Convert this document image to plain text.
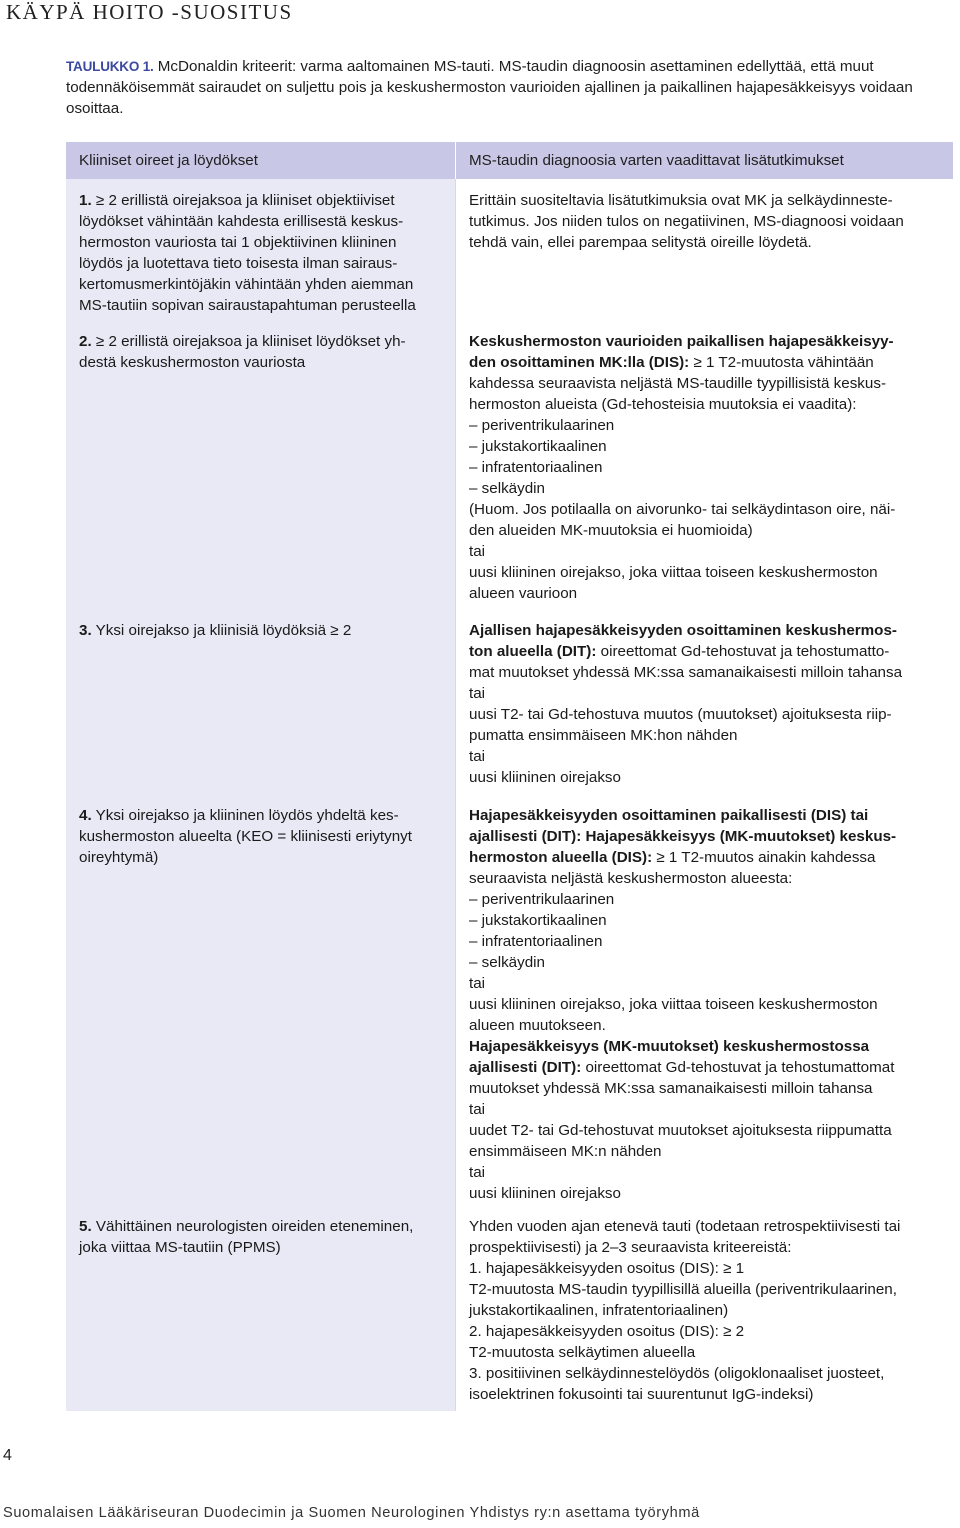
KÄYPÄ HOITO -SUOSITUS
TAULUKKO 1. McDonaldin kriteerit: varma aaltomainen MS-tauti. MS-taudin diagnoosin asettaminen edellyttää, että muut todennäköisemmät sairaudet on suljettu pois ja keskushermoston vaurioiden ajallinen ja paikallinen hajapesäkkeisyys voidaan osoittaa.
Kliiniset oireet ja löydökset	MS-taudin diagnoosia varten vaadittavat lisätutkimukset
1. ≥ 2 erillistä oirejaksoa ja kliiniset objektiiviset
löydökset vähintään kahdesta erillisestä keskus-
hermoston vauriosta tai 1 objektiivinen kliininen
löydös ja luotettava tieto toisesta ilman sairaus-
kertomusmerkintöjäkin vähintään yhden aiemman
MS-tautiin sopivan sairaustapahtuman perusteella
Erittäin suositeltavia lisätutkimuksia ovat MK ja selkäydinneste-
tutkimus. Jos niiden tulos on negatiivinen, MS-diagnoosi voidaan
tehdä vain, ellei parempaa selitystä oireille löydetä.
2. ≥ 2 erillistä oirejaksoa ja kliiniset löydökset yh-
destä keskushermoston vauriosta
Keskushermoston vaurioiden paikallisen hajapesäkkeisyy-
den osoittaminen MK:lla (DIS): ≥ 1 T2-muutosta vähintään
kahdessa seuraavista neljästä MS-taudille tyypillisistä keskus-
hermoston alueista (Gd-tehosteisia muutoksia ei vaadita):
– periventrikulaarinen
– jukstakortikaalinen
– infratentoriaalinen
– selkäydin
(Huom. Jos potilaalla on aivorunko- tai selkäydintason oire, näi-
den alueiden MK-muutoksia ei huomioida)
tai
uusi kliininen oirejakso, joka viittaa toiseen keskushermoston
alueen vaurioon
3. Yksi oirejakso ja kliinisiä löydöksiä ≥ 2	Ajallisen hajapesäkkeisyyden osoittaminen keskushermos-
ton alueella (DIT): oireettomat Gd-tehostuvat ja tehostumatto-
mat muutokset yhdessä MK:ssa samanaikaisesti milloin tahansa
tai
uusi T2- tai Gd-tehostuva muutos (muutokset) ajoituksesta riip-
pumatta ensimmäiseen MK:hon nähden
tai
uusi kliininen oirejakso
4. Yksi oirejakso ja kliininen löydös yhdeltä kes-
kushermoston alueelta (KEO = kliinisesti eriytynyt
oireyhtymä)
Hajapesäkkeisyyden osoittaminen paikallisesti (DIS) tai
ajallisesti (DIT): Hajapesäkkeisyys (MK-muutokset) keskus-
hermoston alueella (DIS): ≥ 1 T2-muutos ainakin kahdessa
seuraavista neljästä keskushermoston alueesta:
– periventrikulaarinen
– jukstakortikaalinen
– infratentoriaalinen
– selkäydin
tai
uusi kliininen oirejakso, joka viittaa toiseen keskushermoston
alueen muutokseen.
Hajapesäkkeisyys (MK-muutokset) keskushermostossa
ajallisesti (DIT): oireettomat Gd-tehostuvat ja tehostumattomat
muutokset yhdessä MK:ssa samanaikaisesti milloin tahansa
tai
uudet T2- tai Gd-tehostuvat muutokset ajoituksesta riippumatta
ensimmäiseen MK:n nähden
tai
uusi kliininen oirejakso
5. Vähittäinen neurologisten oireiden eteneminen,
joka viittaa MS-tautiin (PPMS)
Yhden vuoden ajan etenevä tauti (todetaan retrospektiivisesti tai
prospektiivisesti) ja 2–3 seuraavista kriteereistä:
1. hajapesäkkeisyyden osoitus (DIS): ≥ 1
T2-muutosta MS-taudin tyypillisillä alueilla (periventrikulaarinen,
jukstakortikaalinen, infratentoriaalinen)
2. hajapesäkkeisyyden osoitus (DIS): ≥ 2
T2-muutosta selkäytimen alueella
3. positiivinen selkäydinnestelöydös (oligoklonaaliset juosteet,
isoelektrinen fokusointi tai suurentunut IgG-indeksi)
4
Suomalaisen Lääkäriseuran Duodecimin ja Suomen Neurologinen Yhdistys ry:n asettama työryhmä
